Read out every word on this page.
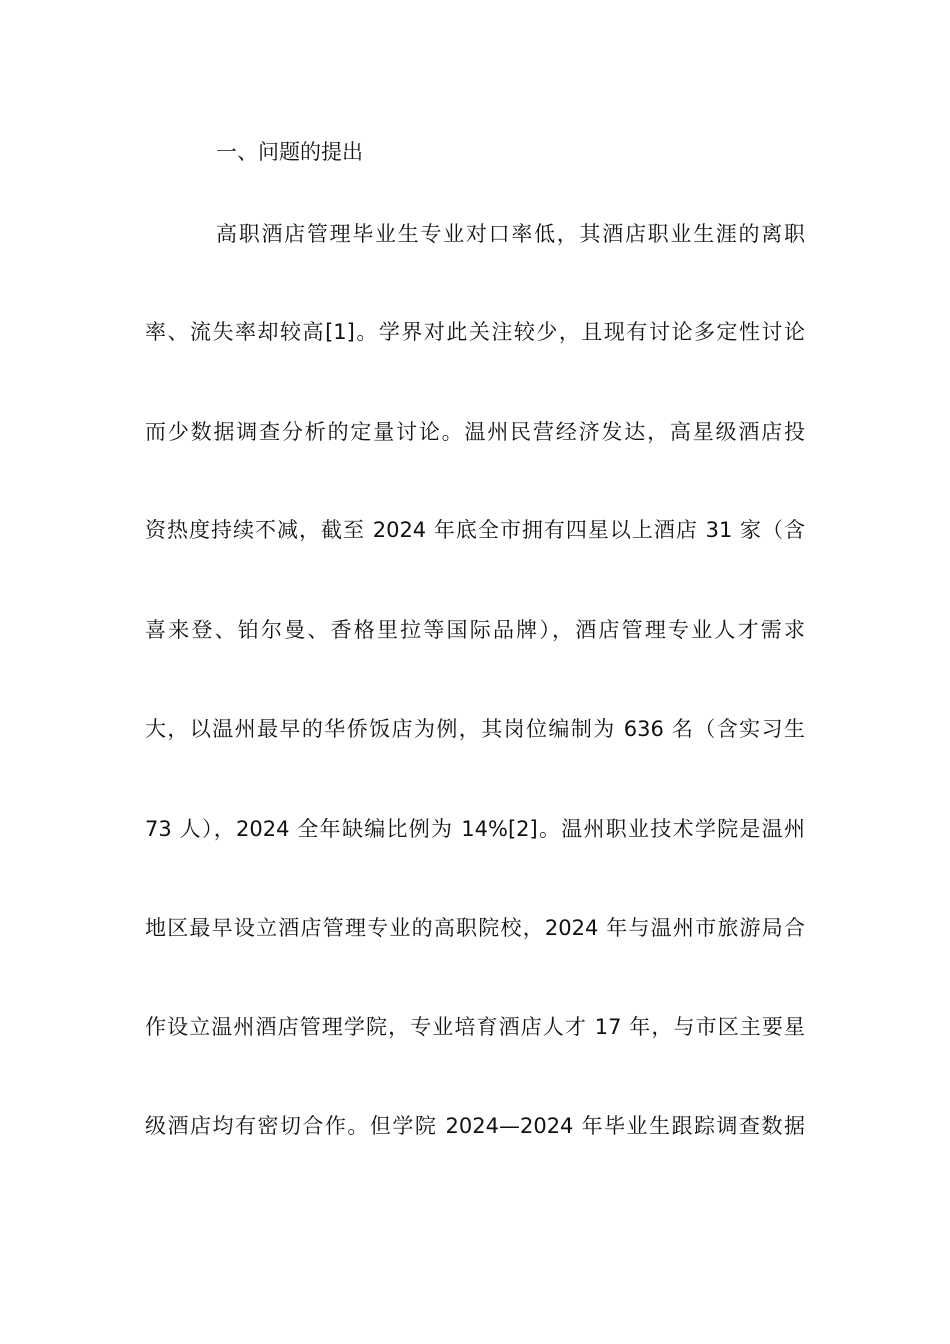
一、问题的提出
高职酒店管理毕业生专业对口率低，其酒店职业生涯的离职
率、流失率却较高[1]。学界对此关注较少，且现有讨论多定性讨论
而少数据调查分析的定量讨论。温州民营经济发达，高星级酒店投
资热度持续不减，截至 2024 年底全市拥有四星以上酒店 31 家（含
喜来登、铂尔曼、香格里拉等国际品牌），酒店管理专业人才需求
大，以温州最早的华侨饭店为例，其岗位编制为 636 名（含实习生
73 人），2024 全年缺编比例为 14%[2]。温州职业技术学院是温州
地区最早设立酒店管理专业的高职院校，2024 年与温州市旅游局合
作设立温州酒店管理学院，专业培育酒店人才 17 年，与市区主要星
级酒店均有密切合作。但学院 2024—2024 年毕业生跟踪调查数据
